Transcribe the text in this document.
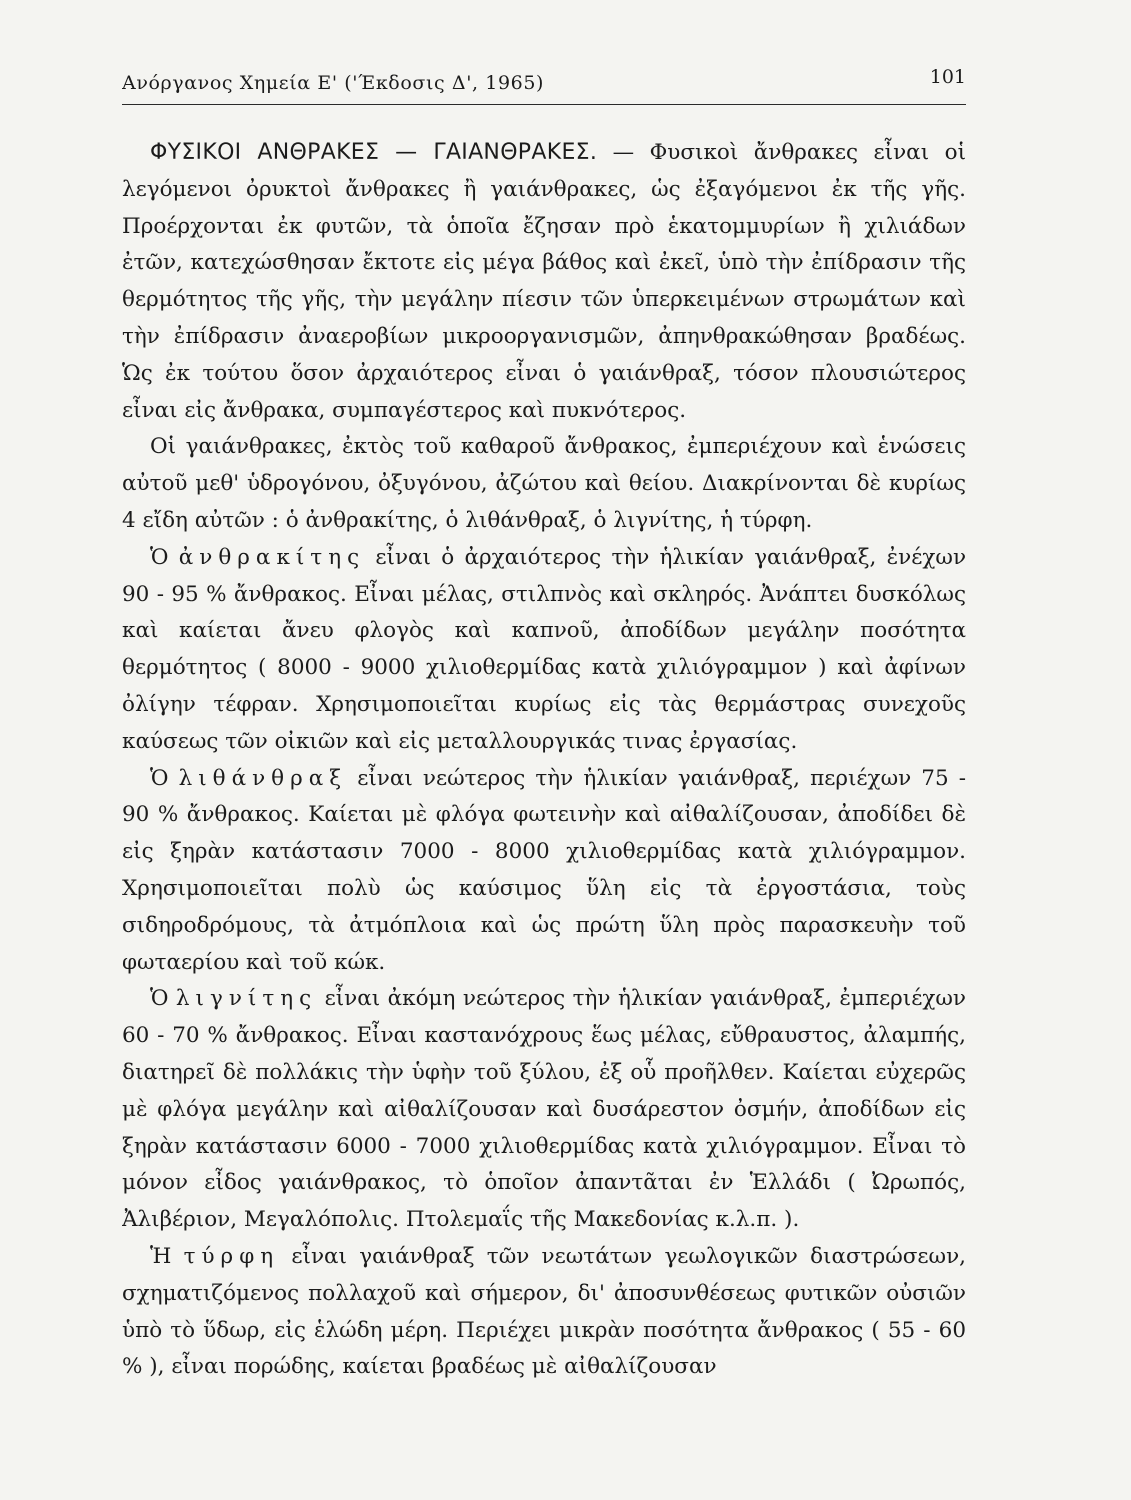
Ανόργανος Χημεία Ε' ('Έκδοσις Δ', 1965)	101

ΦΥΣΙΚΟΙ ΑΝΘΡΑΚΕΣ — ΓΑΙΑΝΘΡΑΚΕΣ. — Φυσικοὶ ἄνθρακες εἶναι οἱ λεγόμενοι ὀρυκτοὶ ἄνθρακες ἢ γαιάνθρακες, ὡς ἐξαγόμενοι ἐκ τῆς γῆς. Προέρχονται ἐκ φυτῶν, τὰ ὁποῖα ἔζησαν πρὸ ἑκατομμυρίων ἢ χιλιάδων ἐτῶν, κατεχώσθησαν ἔκτοτε εἰς μέγα βάθος καὶ ἐκεῖ, ὑπὸ τὴν ἐπίδρασιν τῆς θερμότητος τῆς γῆς, τὴν μεγάλην πίεσιν τῶν ὑπερκειμένων στρωμάτων καὶ τὴν ἐπίδρασιν ἀναεροβίων μικροοργανισμῶν, ἀπηνθρακώθησαν βραδέως. Ὡς ἐκ τούτου ὅσον ἀρχαιότερος εἶναι ὁ γαιάνθραξ, τόσον πλουσιώτερος εἶναι εἰς ἄνθρακα, συμπαγέστερος καὶ πυκνότερος.

Οἱ γαιάνθρακες, ἐκτὸς τοῦ καθαροῦ ἄνθρακος, ἐμπεριέχουν καὶ ἑνώσεις αὐτοῦ μεθ' ὑδρογόνου, ὀξυγόνου, ἀζώτου καὶ θείου. Διακρίνονται δὲ κυρίως 4 εἴδη αὐτῶν : ὁ ἀνθρακίτης, ὁ λιθάνθραξ, ὁ λιγνίτης, ἡ τύρφη.

Ὁ ἀνθρακίτης εἶναι ὁ ἀρχαιότερος τὴν ἡλικίαν γαιάνθραξ, ἐνέχων 90 - 95 % ἄνθρακος. Εἶναι μέλας, στιλπνὸς καὶ σκληρός. Ἀνάπτει δυσκόλως καὶ καίεται ἄνευ φλογὸς καὶ καπνοῦ, ἀποδίδων μεγάλην ποσότητα θερμότητος ( 8000 - 9000 χιλιοθερμίδας κατὰ χιλιόγραμμον ) καὶ ἀφίνων ὀλίγην τέφραν. Χρησιμοποιεῖται κυρίως εἰς τὰς θερμάστρας συνεχοῦς καύσεως τῶν οἰκιῶν καὶ εἰς μεταλλουργικάς τινας ἐργασίας.

Ὁ λιθάνθραξ εἶναι νεώτερος τὴν ἡλικίαν γαιάνθραξ, περιέχων 75 - 90 % ἄνθρακος. Καίεται μὲ φλόγα φωτεινὴν καὶ αἰθαλίζουσαν, ἀποδίδει δὲ εἰς ξηρὰν κατάστασιν 7000 - 8000 χιλιοθερμίδας κατὰ χιλιόγραμμον. Χρησιμοποιεῖται πολὺ ὡς καύσιμος ὕλη εἰς τὰ ἐργοστάσια, τοὺς σιδηροδρόμους, τὰ ἀτμόπλοια καὶ ὡς πρώτη ὕλη πρὸς παρασκευὴν τοῦ φωταερίου καὶ τοῦ κώκ.

Ὁ λιγνίτης εἶναι ἀκόμη νεώτερος τὴν ἡλικίαν γαιάνθραξ, ἐμπεριέχων 60 - 70 % ἄνθρακος. Εἶναι καστανόχρους ἕως μέλας, εὔθραυστος, ἀλαμπής, διατηρεῖ δὲ πολλάκις τὴν ὑφὴν τοῦ ξύλου, ἐξ οὗ προῆλθεν. Καίεται εὐχερῶς μὲ φλόγα μεγάλην καὶ αἰθαλίζουσαν καὶ δυσάρεστον ὀσμήν, ἀποδίδων εἰς ξηρὰν κατάστασιν 6000 - 7000 χιλιοθερμίδας κατὰ χιλιόγραμμον. Εἶναι τὸ μόνον εἶδος γαιάνθρακος, τὸ ὁποῖον ἀπαντᾶται ἐν Ἑλλάδι ( Ὠρωπός, Ἀλιβέριον, Μεγαλόπολις. Πτολεμαΐς τῆς Μακεδονίας κ.λ.π. ).

Ἡ τύρφη εἶναι γαιάνθραξ τῶν νεωτάτων γεωλογικῶν διαστρώσεων, σχηματιζόμενος πολλαχοῦ καὶ σήμερον, δι' ἀποσυνθέσεως φυτικῶν οὐσιῶν ὑπὸ τὸ ὕδωρ, εἰς ἑλώδη μέρη. Περιέχει μικρὰν ποσότητα ἄνθρακος ( 55 - 60 % ), εἶναι πορώδης, καίεται βραδέως μὲ αἰθαλίζουσαν
